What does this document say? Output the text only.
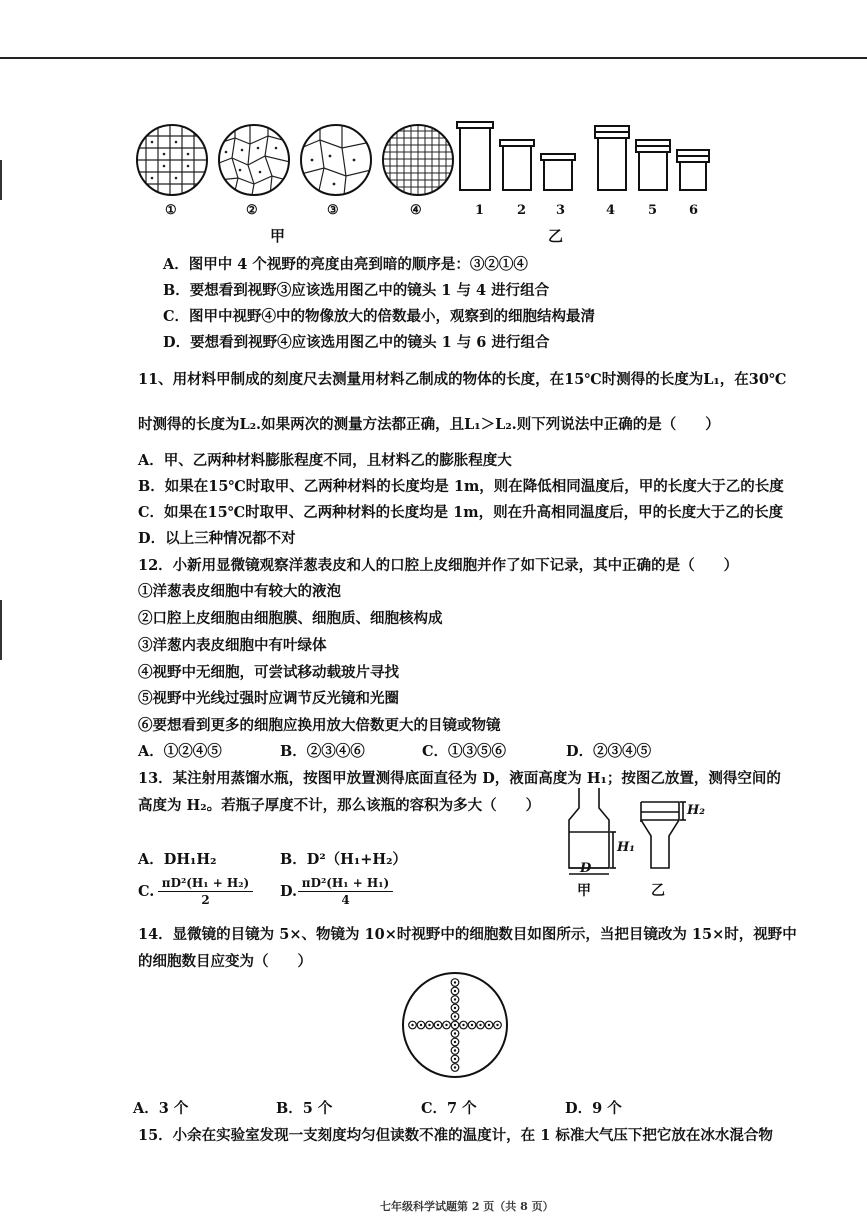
①	②	③	④	1	2 3	4	5 6
甲	乙
A．图甲中 4 个视野的亮度由亮到暗的顺序是：③②①④
B．要想看到视野③应该选用图乙中的镜头 1 与 4 进行组合
C．图甲中视野④中的物像放大的倍数最小，观察到的细胞结构最清
D．要想看到视野④应该选用图乙中的镜头 1 与 6 进行组合
11、用材料甲制成的刻度尺去测量用材料乙制成的物体的长度，在15℃时测得的长度为L₁，在30℃
时测得的长度为L₂.如果两次的测量方法都正确，且L₁＞L₂.则下列说法中正确的是（　　）
A．甲、乙两种材料膨胀程度不同，且材料乙的膨胀程度大
B．如果在15℃时取甲、乙两种材料的长度均是 1m，则在降低相同温度后，甲的长度大于乙的长度
C．如果在15℃时取甲、乙两种材料的长度均是 1m，则在升高相同温度后，甲的长度大于乙的长度
D．以上三种情况都不对
12．小新用显微镜观察洋葱表皮和人的口腔上皮细胞并作了如下记录，其中正确的是（　　）
①洋葱表皮细胞中有较大的液泡
②口腔上皮细胞由细胞膜、细胞质、细胞核构成
③洋葱内表皮细胞中有叶绿体
④视野中无细胞，可尝试移动载玻片寻找
⑤视野中光线过强时应调节反光镜和光圈
⑥要想看到更多的细胞应换用放大倍数更大的目镜或物镜
A．①②④⑤	B．②③④⑥	C．①③⑤⑥	D．②③④⑤
13．某注射用蒸馏水瓶，按图甲放置测得底面直径为 D，液面高度为 H₁；按图乙放置，测得空间的
高度为 H₂。若瓶子厚度不计，那么该瓶的容积为多大（　　）
A．DH₁H₂	B．D²（H₁+H₂）
C. πD²(H₁ + H₂)
2	D. πD²(H₁ + H₁)
4
H₁
H₂
D
甲	乙
14．显微镜的目镜为 5×、物镜为 10×时视野中的细胞数目如图所示，当把目镜改为 15×时，视野中
的细胞数目应变为（　　）
A．3 个	B．5 个	C．7 个	D．9 个
15．小余在实验室发现一支刻度均匀但读数不准的温度计，在 1 标准大气压下把它放在冰水混合物
七年级科学试题第 2 页（共 8 页）
